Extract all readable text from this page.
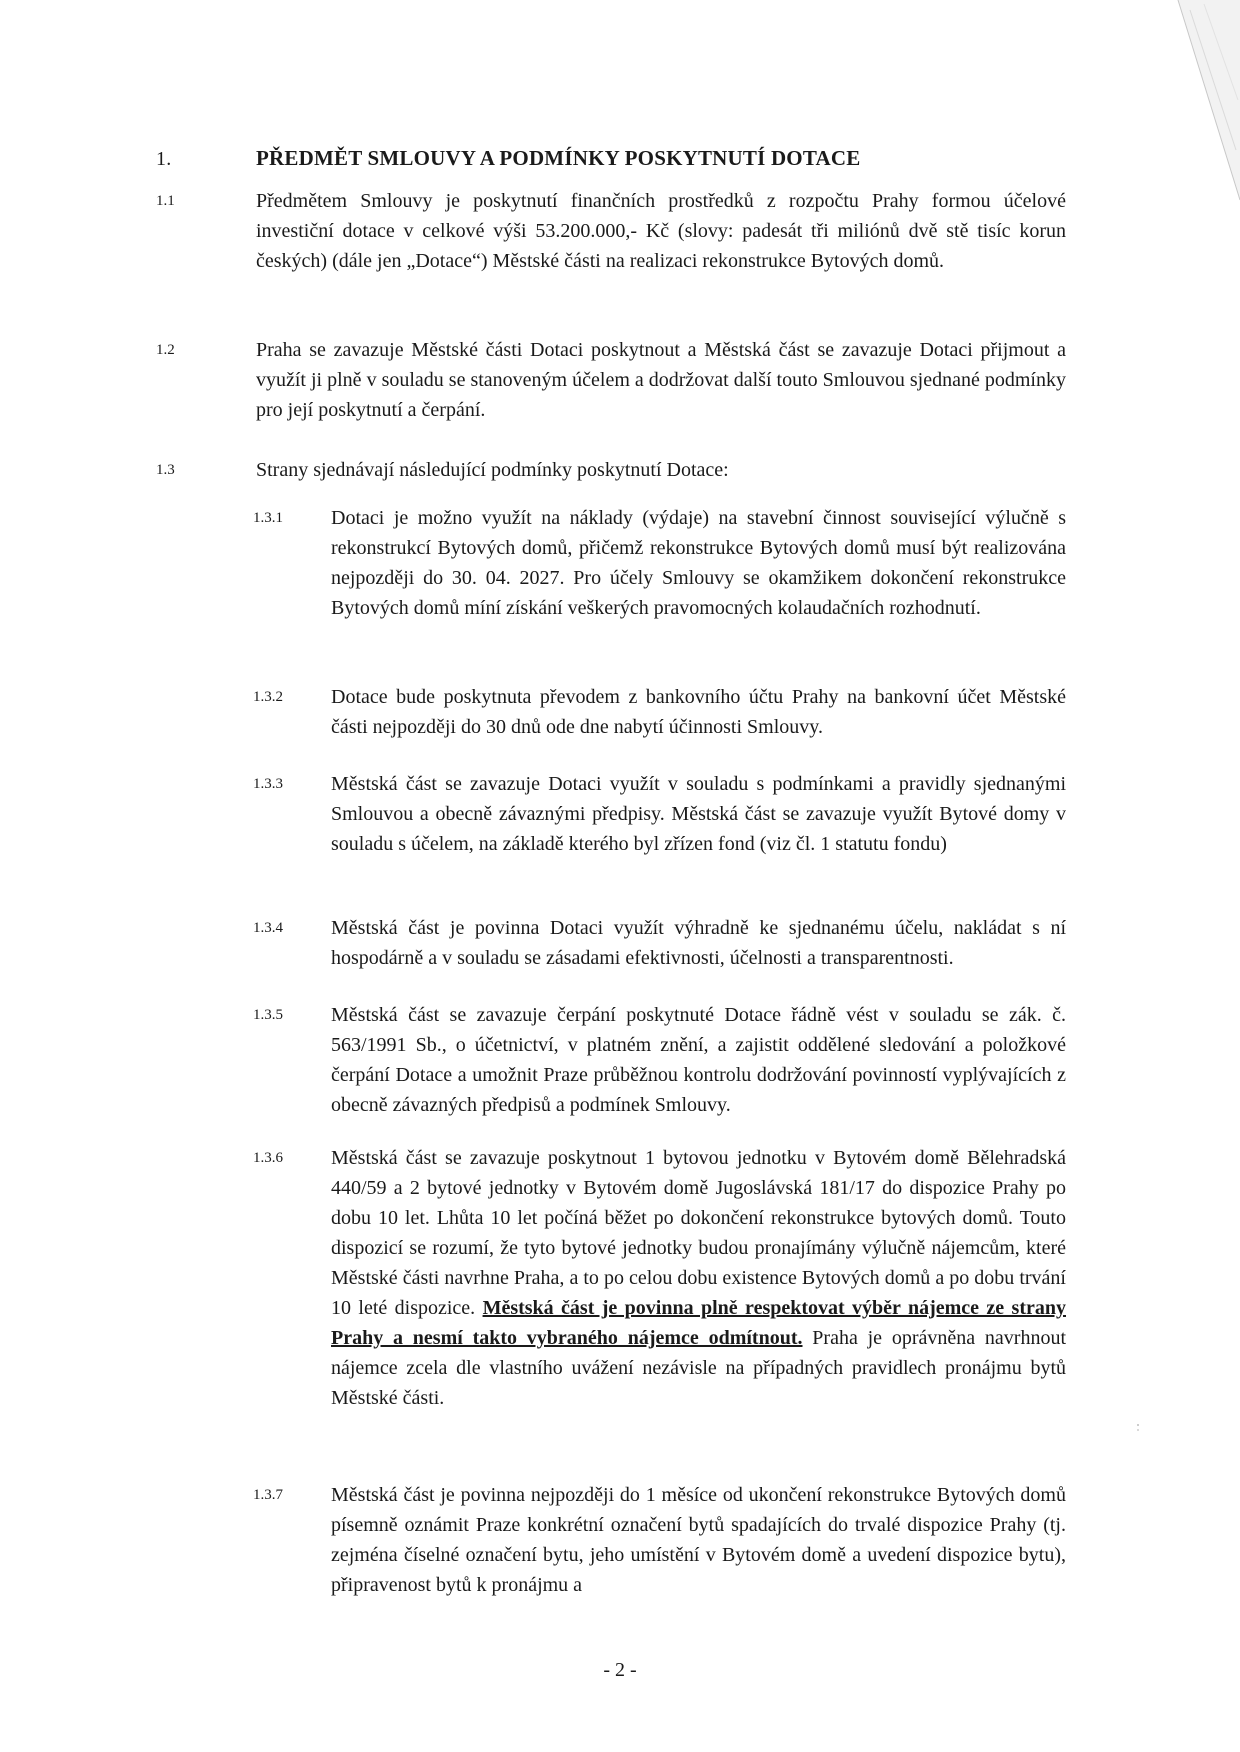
1.	PŘEDMĚT SMLOUVY A PODMÍNKY POSKYTNUTÍ DOTACE
1.1	Předmětem Smlouvy je poskytnutí finančních prostředků z rozpočtu Prahy formou účelové investiční dotace v celkové výši 53.200.000,- Kč (slovy: padesát tři miliónů dvě stě tisíc korun českých) (dále jen „Dotace“) Městské části na realizaci rekonstrukce Bytových domů.
1.2	Praha se zavazuje Městské části Dotaci poskytnout a Městská část se zavazuje Dotaci přijmout a využít ji plně v souladu se stanoveným účelem a dodržovat další touto Smlouvou sjednané podmínky pro její poskytnutí a čerpání.
1.3	Strany sjednávají následující podmínky poskytnutí Dotace:
1.3.1 Dotaci je možno využít na náklady (výdaje) na stavební činnost související výlučně s rekonstrukcí Bytových domů, přičemž rekonstrukce Bytových domů musí být realizována nejpozději do 30. 04. 2027. Pro účely Smlouvy se okamžikem dokončení rekonstrukce Bytových domů míní získání veškerých pravomocných kolaudačních rozhodnutí.
1.3.2 Dotace bude poskytnuta převodem z bankovního účtu Prahy na bankovní účet Městské části nejpozději do 30 dnů ode dne nabytí účinnosti Smlouvy.
1.3.3 Městská část se zavazuje Dotaci využít v souladu s podmínkami a pravidly sjednanými Smlouvou a obecně závaznými předpisy. Městská část se zavazuje využít Bytové domy v souladu s účelem, na základě kterého byl zřízen fond (viz čl. 1 statutu fondu)
1.3.4 Městská část je povinna Dotaci využít výhradně ke sjednanému účelu, nakládat s ní hospodárně a v souladu se zásadami efektivnosti, účelnosti a transparentnosti.
1.3.5 Městská část se zavazuje čerpání poskytnuté Dotace řádně vést v souladu se zák. č. 563/1991 Sb., o účetnictví, v platném znění, a zajistit oddělené sledování a položkové čerpání Dotace a umožnit Praze průběžnou kontrolu dodržování povinností vyplývajících z obecně závazných předpisů a podmínek Smlouvy.
1.3.6 Městská část se zavazuje poskytnout 1 bytovou jednotku v Bytovém domě Bělehradská 440/59 a 2 bytové jednotky v Bytovém domě Jugoslávská 181/17 do dispozice Prahy po dobu 10 let. Lhůta 10 let počíná běžet po dokončení rekonstrukce bytových domů. Touto dispozicí se rozumí, že tyto bytové jednotky budou pronajímány výlučně nájemcům, které Městské části navrhne Praha, a to po celou dobu existence Bytových domů a po dobu trvání 10 leté dispozice. Městská část je povinna plně respektovat výběr nájemce ze strany Prahy a nesmí takto vybraného nájemce odmítnout. Praha je oprávněna navrhnout nájemce zcela dle vlastního uvážení nezávisle na případných pravidlech pronájmu bytů Městské části.
1.3.7 Městská část je povinna nejpozději do 1 měsíce od ukončení rekonstrukce Bytových domů písemně oznámit Praze konkrétní označení bytů spadajících do trvalé dispozice Prahy (tj. zejména číselné označení bytu, jeho umístění v Bytovém domě a uvedení dispozice bytu), připravenost bytů k pronájmu a
- 2 -
